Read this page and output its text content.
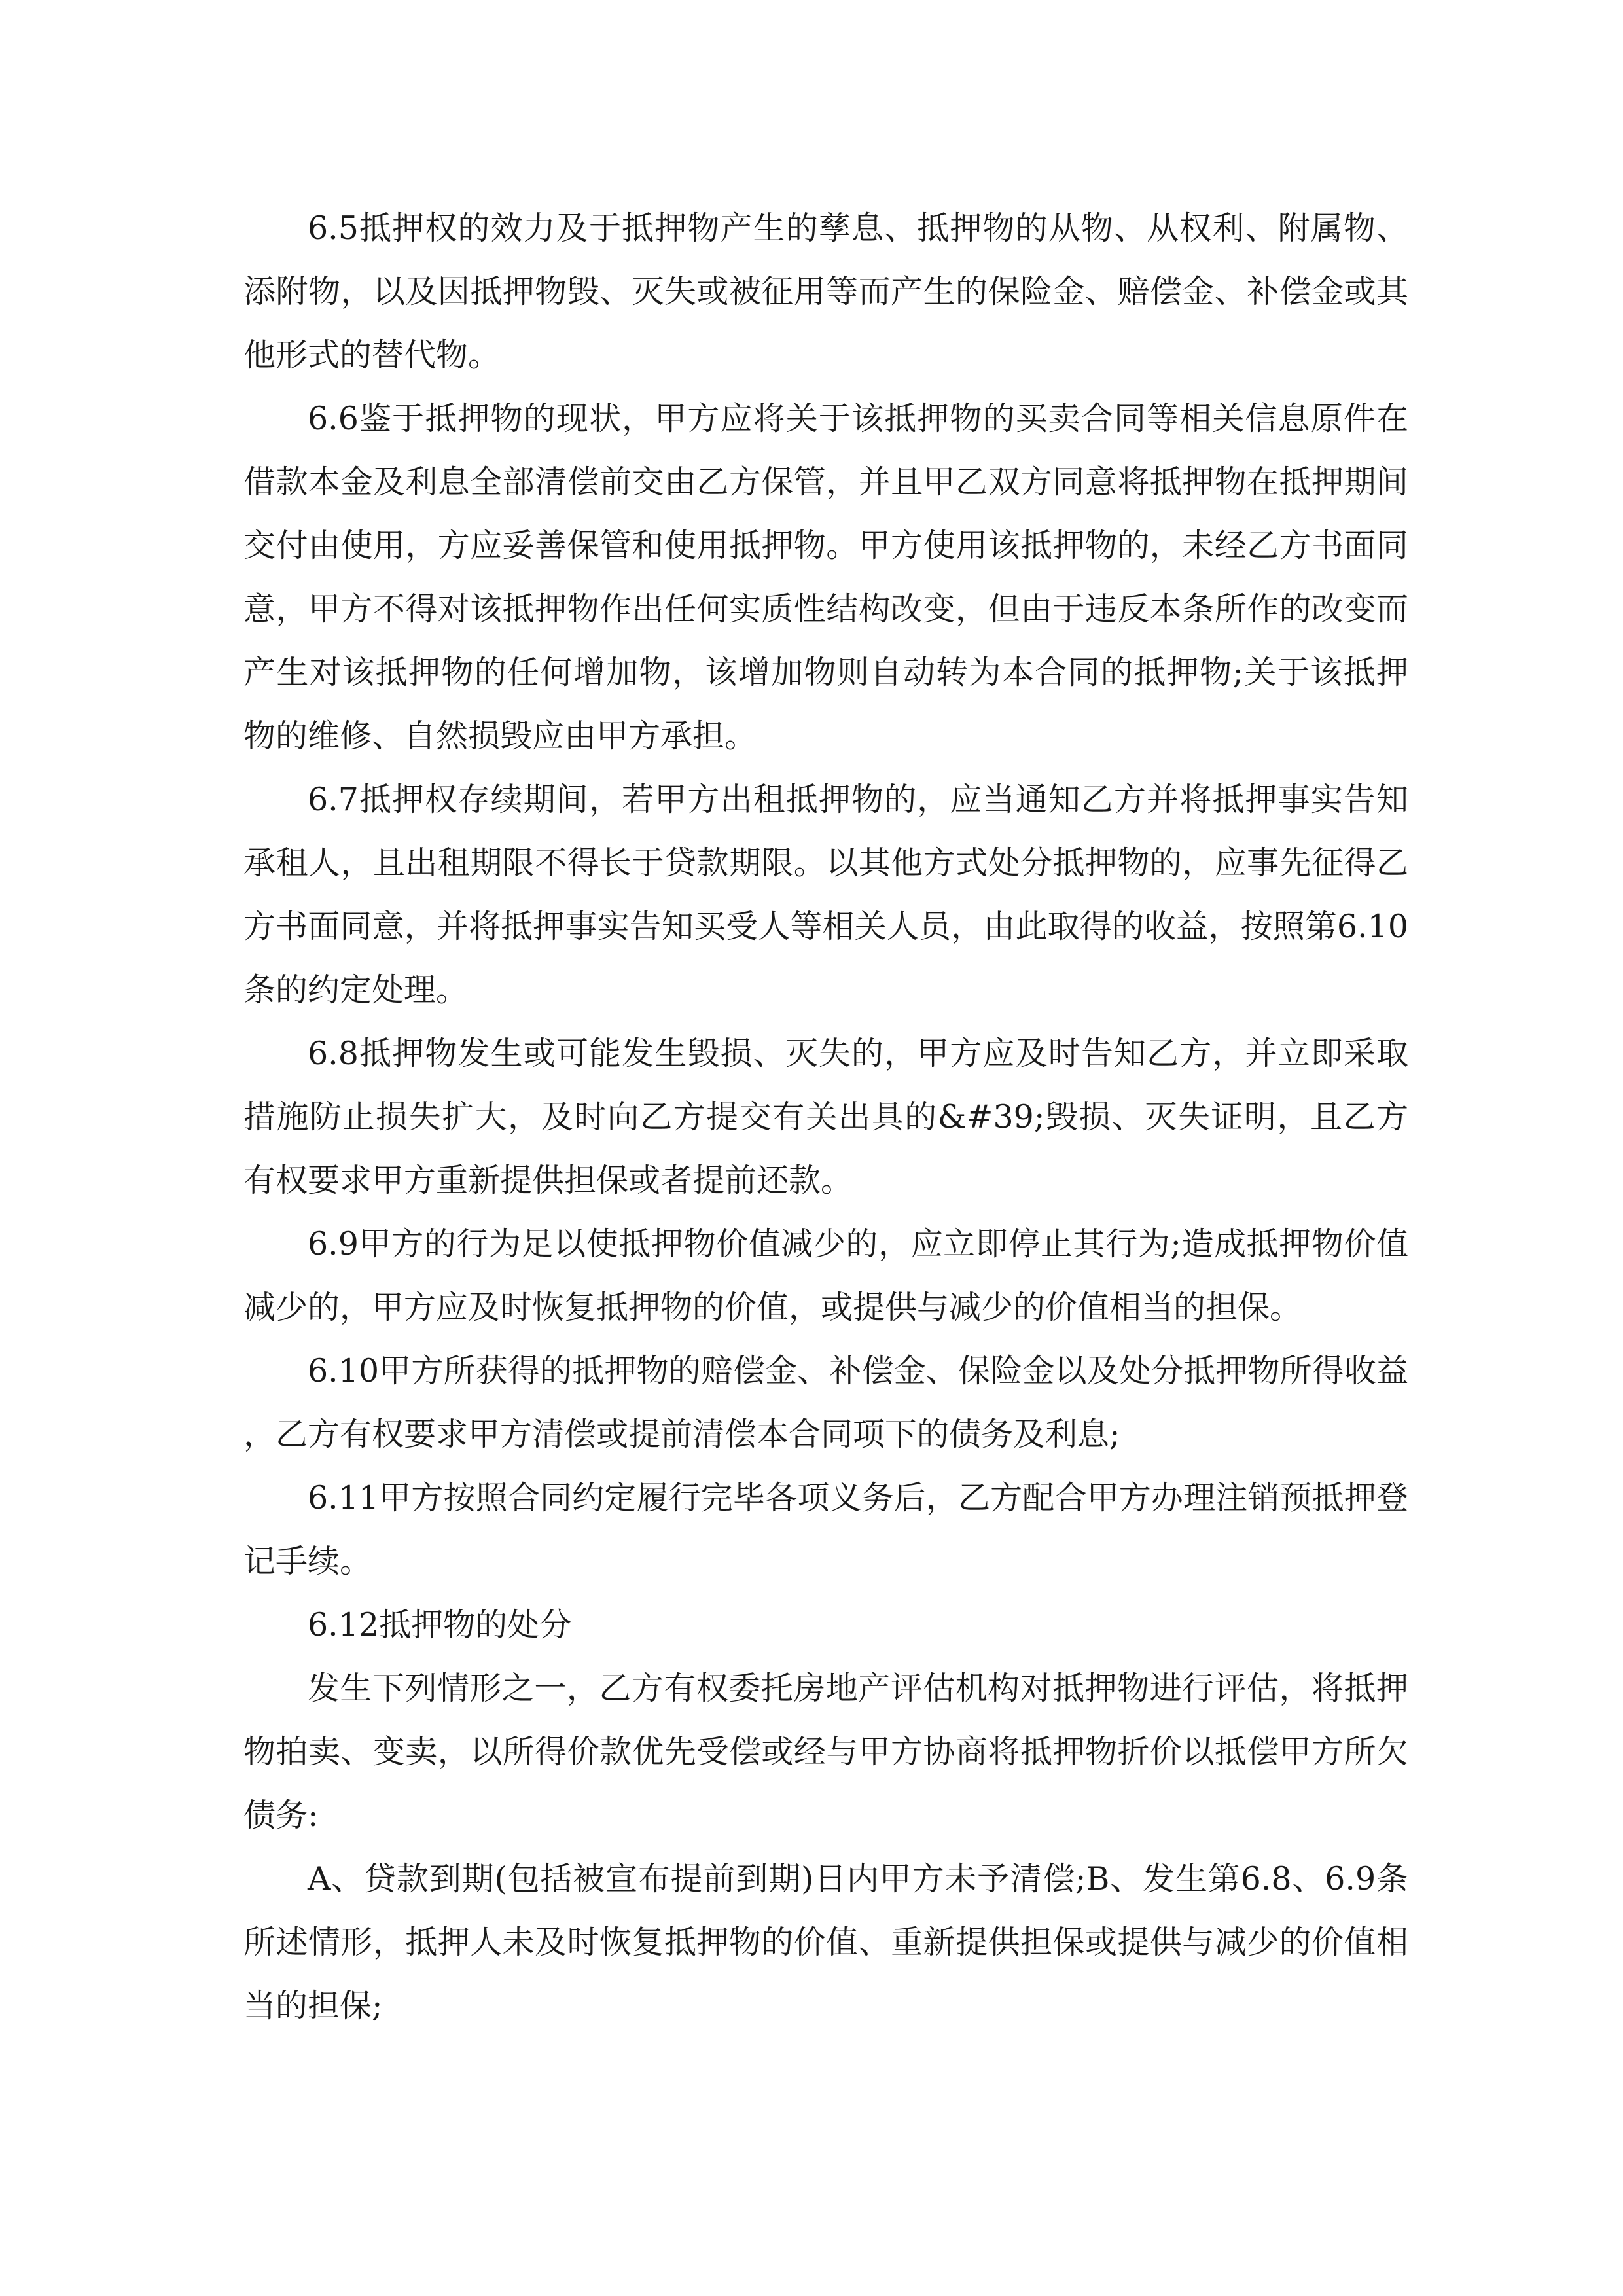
6.5抵押权的效力及于抵押物产生的孳息、抵押物的从物、从权利、附属物、添附物，以及因抵押物毁、灭失或被征用等而产生的保险金、赔偿金、补偿金或其他形式的替代物。

6.6鉴于抵押物的现状，甲方应将关于该抵押物的买卖合同等相关信息原件在借款本金及利息全部清偿前交由乙方保管，并且甲乙双方同意将抵押物在抵押期间交付由使用，方应妥善保管和使用抵押物。甲方使用该抵押物的，未经乙方书面同意，甲方不得对该抵押物作出任何实质性结构改变，但由于违反本条所作的改变而产生对该抵押物的任何增加物，该增加物则自动转为本合同的抵押物;关于该抵押物的维修、自然损毁应由甲方承担。

6.7抵押权存续期间，若甲方出租抵押物的，应当通知乙方并将抵押事实告知承租人，且出租期限不得长于贷款期限。以其他方式处分抵押物的，应事先征得乙方书面同意，并将抵押事实告知买受人等相关人员，由此取得的收益，按照第6.10条的约定处理。

6.8抵押物发生或可能发生毁损、灭失的，甲方应及时告知乙方，并立即采取措施防止损失扩大，及时向乙方提交有关出具的&#39;毁损、灭失证明，且乙方有权要求甲方重新提供担保或者提前还款。

6.9甲方的行为足以使抵押物价值减少的，应立即停止其行为;造成抵押物价值减少的，甲方应及时恢复抵押物的价值，或提供与减少的价值相当的担保。

6.10甲方所获得的抵押物的赔偿金、补偿金、保险金以及处分抵押物所得收益，乙方有权要求甲方清偿或提前清偿本合同项下的债务及利息;

6.11甲方按照合同约定履行完毕各项义务后，乙方配合甲方办理注销预抵押登记手续。

6.12抵押物的处分

发生下列情形之一，乙方有权委托房地产评估机构对抵押物进行评估，将抵押物拍卖、变卖，以所得价款优先受偿或经与甲方协商将抵押物折价以抵偿甲方所欠债务:

A、贷款到期(包括被宣布提前到期)日内甲方未予清偿;B、发生第6.8、6.9条所述情形，抵押人未及时恢复抵押物的价值、重新提供担保或提供与减少的价值相当的担保;
